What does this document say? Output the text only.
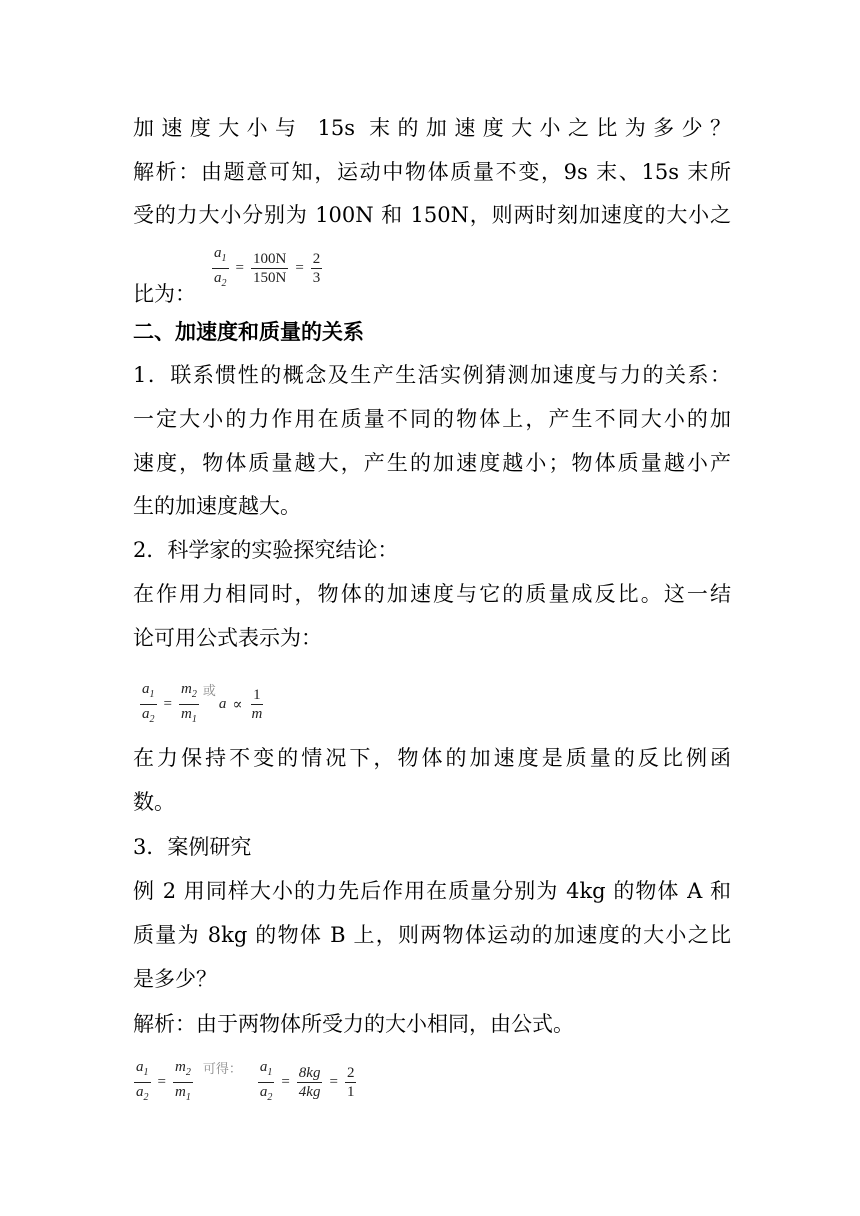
加速度大小与 15s 末的加速度大小之比为多少？
解析：由题意可知，运动中物体质量不变，9s 末、15s 末所
受的力大小分别为 100N 和 150N，则两时刻加速度的大小之
比为：
二、加速度和质量的关系
1．联系惯性的概念及生产生活实例猜测加速度与力的关系：
一定大小的力作用在质量不同的物体上，产生不同大小的加
速度，物体质量越大，产生的加速度越小；物体质量越小产
生的加速度越大。
2．科学家的实验探究结论：
在作用力相同时，物体的加速度与它的质量成反比。这一结
论可用公式表示为：
在力保持不变的情况下，物体的加速度是质量的反比例函
数。
3．案例研究
例 2 用同样大小的力先后作用在质量分别为 4kg 的物体 A 和
质量为 8kg 的物体 B 上，则两物体运动的加速度的大小之比
是多少？
解析：由于两物体所受力的大小相同，由公式。
$\frac{a_1}{a_2} = \frac{100N}{150N} = \frac{2}{3}$
$\frac{a_1}{a_2} = \frac{m_2}{m_1} ^或a \propto \frac{1}{m}$
$\frac{a_1}{a_2} = \frac{m_2}{m_1} ^{可得:} \frac{a_1}{a_2} = \frac{8kg}{4kg} = \frac{2}{1}$
